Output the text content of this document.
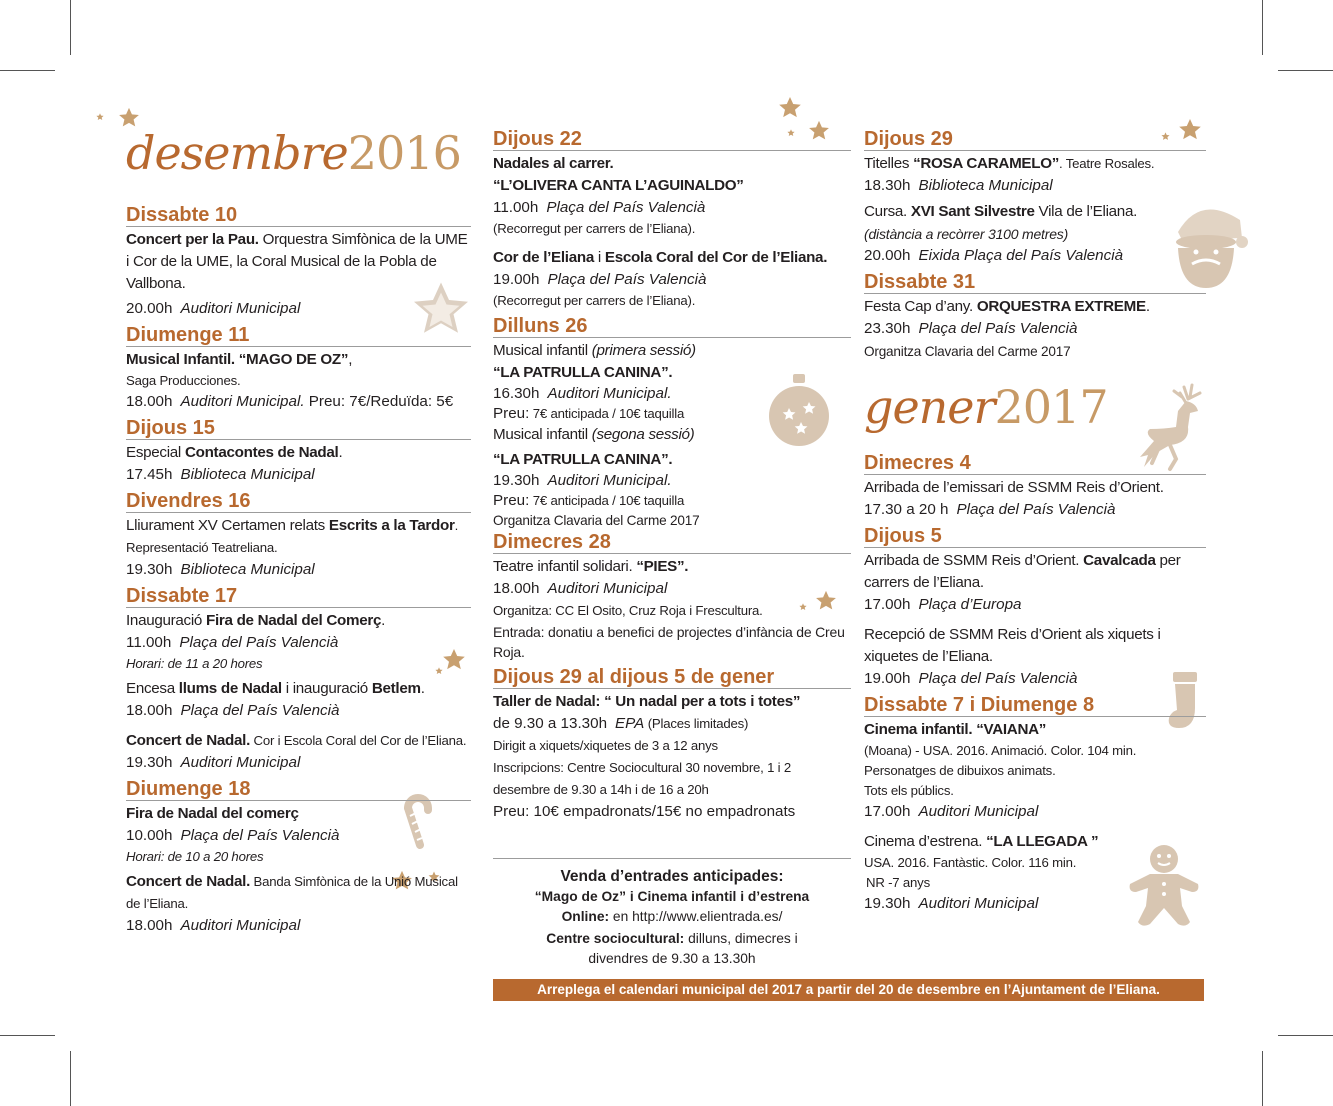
desembre2016
Dissabte 10
Concert per la Pau. Orquestra Simfònica de la UME i Cor de la UME, la Coral Musical de la Pobla de Vallbona.
20.00h Auditori Municipal
Diumenge 11
Musical Infantil. “MAGO DE OZ”,
Saga Producciones.
18.00h Auditori Municipal. Preu: 7€/Reduïda: 5€
Dijous 15
Especial Contacontes de Nadal.
17.45h Biblioteca Municipal
Divendres 16
Lliurament XV Certamen relats Escrits a la Tardor. Representació Teatreliana.
19.30h Biblioteca Municipal
Dissabte 17
Inauguració Fira de Nadal del Comerç.
11.00h Plaça del País Valencià
Horari: de 11 a 20 hores
Encesa llums de Nadal i inauguració Betlem.
18.00h Plaça del País Valencià
Concert de Nadal. Cor i Escola Coral del Cor de l’Eliana.
19.30h Auditori Municipal
Diumenge 18
Fira de Nadal del comerç
10.00h Plaça del País Valencià
Horari: de 10 a 20 hores
Concert de Nadal. Banda Simfònica de la Unió Musical de l’Eliana.
18.00h Auditori Municipal
Dijous 22
Nadales al carrer.
“L’OLIVERA CANTA L’AGUINALDO”
11.00h Plaça del País Valencià
(Recorregut per carrers de l’Eliana).
Cor de l’Eliana i Escola Coral del Cor de l’Eliana.
19.00h Plaça del País Valencià
(Recorregut per carrers de l’Eliana).
Dilluns 26
Musical infantil (primera sessió)
“LA PATRULLA CANINA”.
16.30h Auditori Municipal.
Preu: 7€ anticipada / 10€ taquilla
Musical infantil (segona sessió)
“LA PATRULLA CANINA”.
19.30h Auditori Municipal.
Preu: 7€ anticipada / 10€ taquilla
Organitza Clavaria del Carme 2017
Dimecres 28
Teatre infantil solidari. “PIES”.
18.00h Auditori Municipal
Organitza: CC El Osito, Cruz Roja i Frescultura.
Entrada: donatiu a benefici de projectes d’infància de Creu Roja.
Dijous 29 al dijous 5 de gener
Taller de Nadal: “ Un nadal per a tots i totes”
de 9.30 a 13.30h EPA (Places limitades)
Dirigit a xiquets/xiquetes de 3 a 12 anys
Inscripcions: Centre Sociocultural 30 novembre, 1 i 2 desembre de 9.30 a 14h i de 16 a 20h
Preu: 10€ empadronats/15€ no empadronats
Venda d’entrades anticipades:
“Mago de Oz” i Cinema infantil i d’estrena
Online: en http://www.elientrada.es/
Centre sociocultural: dilluns, dimecres i divendres de 9.30 a 13.30h
Dijous 29
Titelles “ROSA CARAMELO”. Teatre Rosales.
18.30h Biblioteca Municipal
Cursa. XVI Sant Silvestre Vila de l’Eliana.
(distància a recòrrer 3100 metres)
20.00h Eixida Plaça del País Valencià
Dissabte 31
Festa Cap d’any. ORQUESTRA EXTREME.
23.30h Plaça del País Valencià
Organitza Clavaria del Carme 2017
gener2017
Dimecres 4
Arribada de l’emissari de SSMM Reis d’Orient.
17.30 a 20 h Plaça del País Valencià
Dijous 5
Arribada de SSMM Reis d’Orient. Cavalcada per carrers de l’Eliana.
17.00h Plaça d’Europa
Recepció de SSMM Reis d’Orient als xiquets i xiquetes de l’Eliana.
19.00h Plaça del País Valencià
Dissabte 7 i Diumenge 8
Cinema infantil. “VAIANA”
(Moana) - USA. 2016. Animació. Color. 104 min.
Personatges de dibuixos animats.
Tots els públics.
17.00h Auditori Municipal
Cinema d’estrena. “LA LLEGADA ”
USA. 2016. Fantàstic. Color. 116 min.
NR -7 anys
19.30h Auditori Municipal
Arreplega el calendari municipal del 2017 a partir del 20 de desembre en l’Ajuntament de l’Eliana.
